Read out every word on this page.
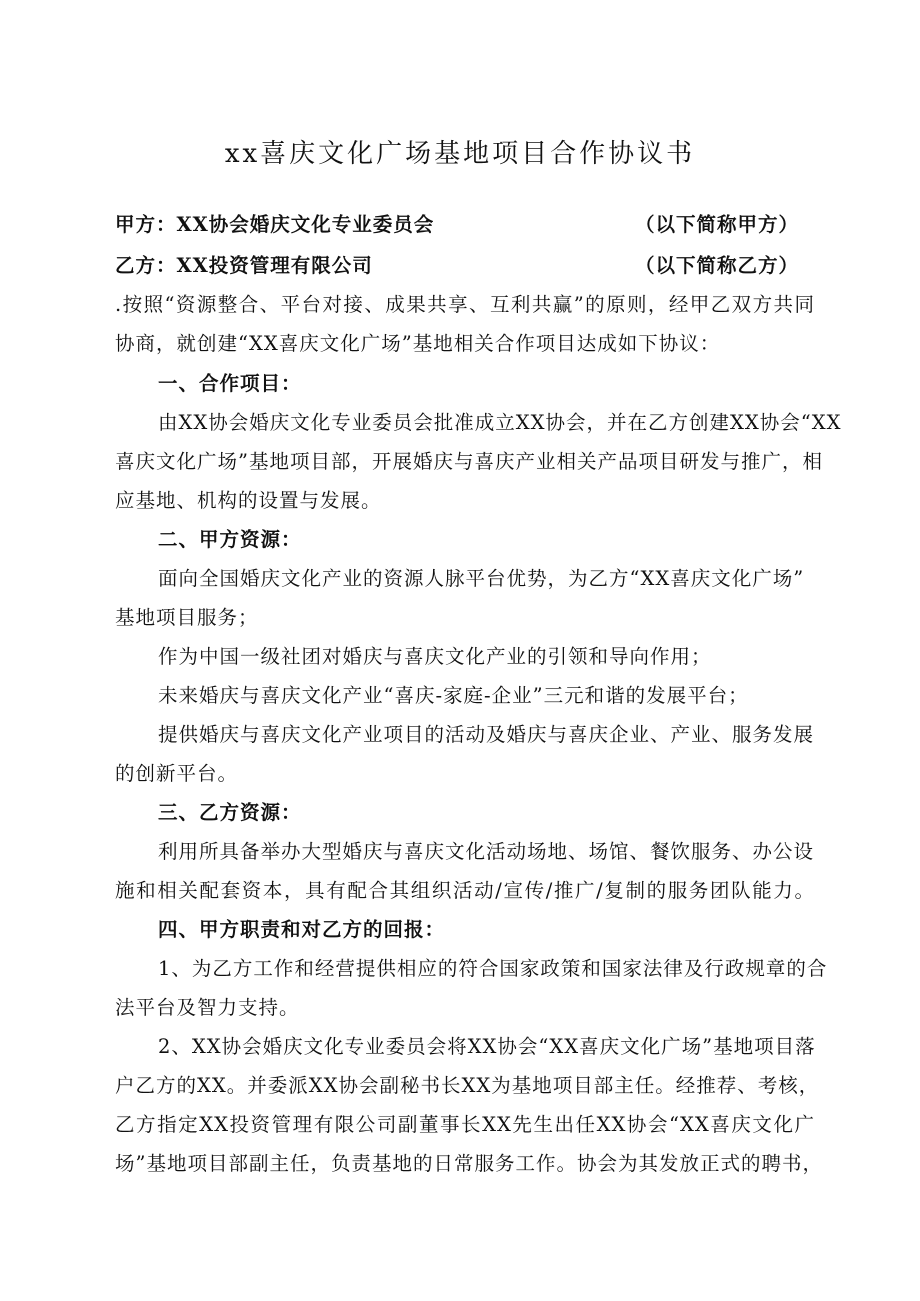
xx喜庆文化广场基地项目合作协议书
甲方：XX协会婚庆文化专业委员会	（以下简称甲方）
乙方：XX投资管理有限公司	（以下简称乙方）
.按照“资源整合、平台对接、成果共享、互利共赢”的原则，经甲乙双方共同
协商，就创建“XX喜庆文化广场”基地相关合作项目达成如下协议：
一、合作项目：
由XX协会婚庆文化专业委员会批准成立XX协会，并在乙方创建XX协会“XX
喜庆文化广场”基地项目部，开展婚庆与喜庆产业相关产品项目研发与推广，相
应基地、机构的设置与发展。
二、甲方资源：
面向全国婚庆文化产业的资源人脉平台优势，为乙方“XX喜庆文化广场”
基地项目服务；
作为中国一级社团对婚庆与喜庆文化产业的引领和导向作用；
未来婚庆与喜庆文化产业“喜庆-家庭-企业”三元和谐的发展平台；
提供婚庆与喜庆文化产业项目的活动及婚庆与喜庆企业、产业、服务发展
的创新平台。
三、乙方资源：
利用所具备举办大型婚庆与喜庆文化活动场地、场馆、餐饮服务、办公设
施和相关配套资本，具有配合其组织活动/宣传/推广/复制的服务团队能力。
四、甲方职责和对乙方的回报：
1、为乙方工作和经营提供相应的符合国家政策和国家法律及行政规章的合
法平台及智力支持。
2、XX协会婚庆文化专业委员会将XX协会“XX喜庆文化广场”基地项目落
户乙方的XX。并委派XX协会副秘书长XX为基地项目部主任。经推荐、考核，
乙方指定XX投资管理有限公司副董事长XX先生出任XX协会“XX喜庆文化广
场”基地项目部副主任，负责基地的日常服务工作。协会为其发放正式的聘书，
